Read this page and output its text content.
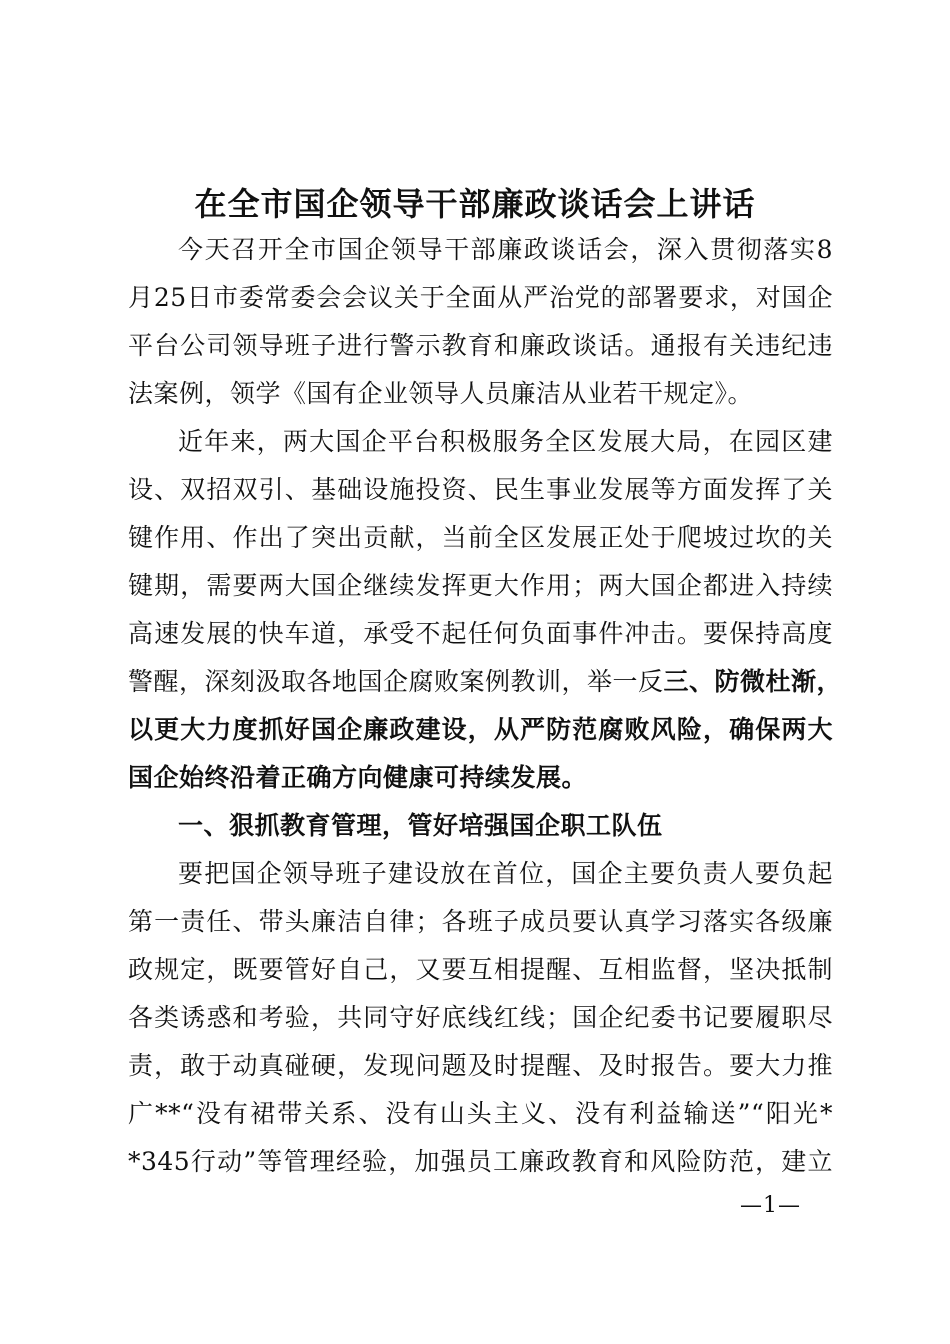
在全市国企领导干部廉政谈话会上讲话
今天召开全市国企领导干部廉政谈话会，深入贯彻落实8
月25日市委常委会会议关于全面从严治党的部署要求，对国企
平台公司领导班子进行警示教育和廉政谈话。通报有关违纪违
法案例，领学《国有企业领导人员廉洁从业若干规定》。
近年来，两大国企平台积极服务全区发展大局，在园区建
设、双招双引、基础设施投资、民生事业发展等方面发挥了关
键作用、作出了突出贡献，当前全区发展正处于爬坡过坎的关
键期，需要两大国企继续发挥更大作用；两大国企都进入持续
高速发展的快车道，承受不起任何负面事件冲击。要保持高度
警醒，深刻汲取各地国企腐败案例教训，举一反三、防微杜渐，
以更大力度抓好国企廉政建设，从严防范腐败风险，确保两大
国企始终沿着正确方向健康可持续发展。
一、狠抓教育管理，管好培强国企职工队伍
要把国企领导班子建设放在首位，国企主要负责人要负起
第一责任、带头廉洁自律；各班子成员要认真学习落实各级廉
政规定，既要管好自己，又要互相提醒、互相监督，坚决抵制
各类诱惑和考验，共同守好底线红线；国企纪委书记要履职尽
责，敢于动真碰硬，发现问题及时提醒、及时报告。要大力推
广**“没有裙带关系、没有山头主义、没有利益输送”“阳光*
*345行动”等管理经验，加强员工廉政教育和风险防范，建立
—1—
